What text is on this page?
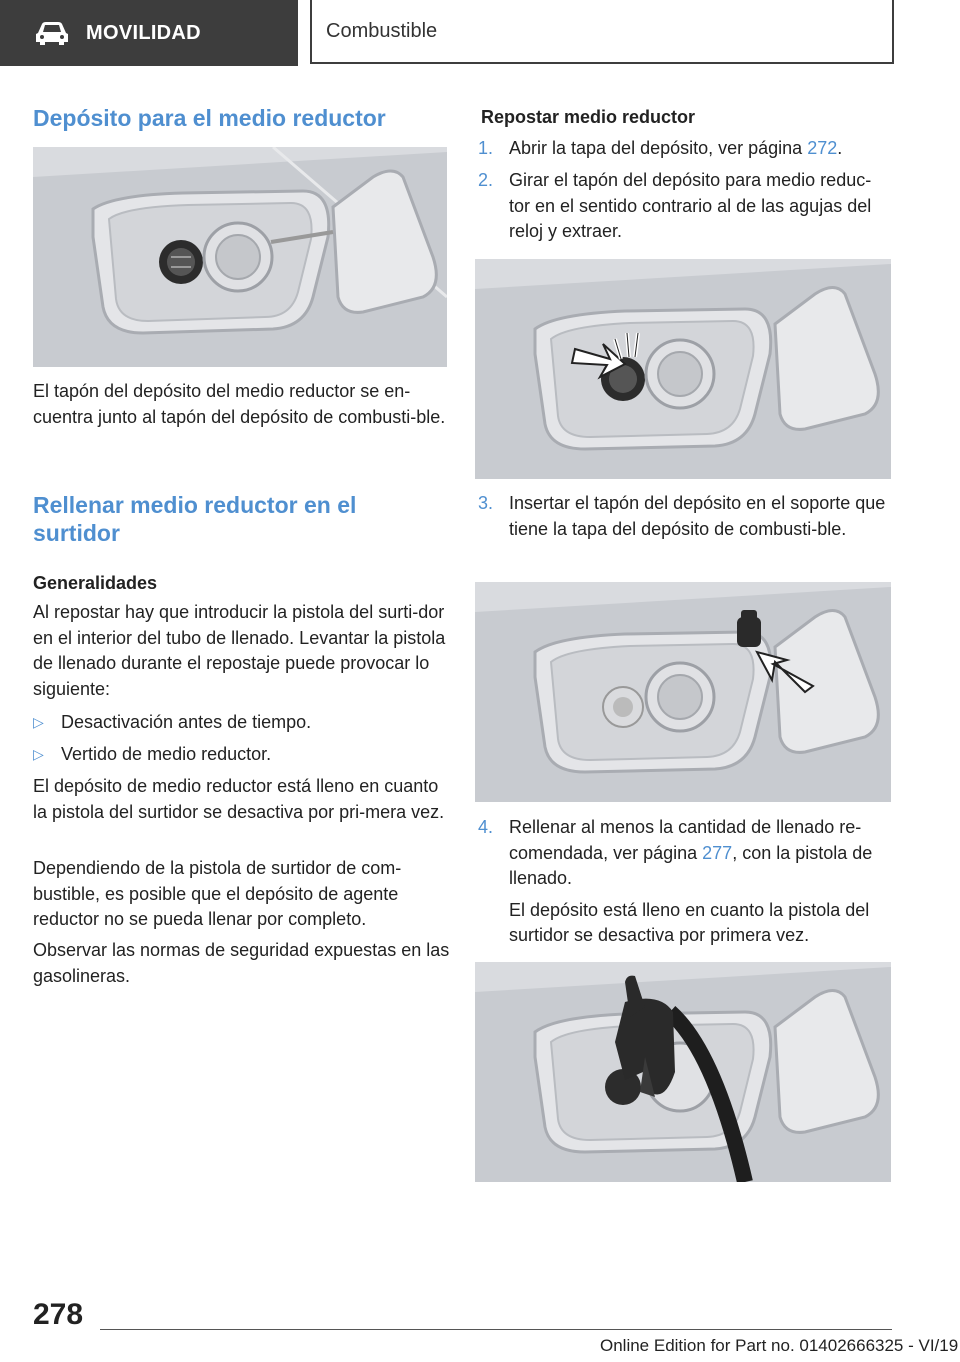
MOVILIDAD	Combustible
Depósito para el medio reductor

El tapón del depósito del medio reductor se en-cuentra junto al tapón del depósito de combusti-ble.

Rellenar medio reductor en el surtidor
Generalidades

Al repostar hay que introducir la pistola del surti-dor en el interior del tubo de llenado. Levantar la pistola de llenado durante el repostaje puede provocar lo siguiente:

▷ Desactivación antes de tiempo.
▷ Vertido de medio reductor.

El depósito de medio reductor está lleno en cuanto la pistola del surtidor se desactiva por pri-mera vez.

Dependiendo de la pistola de surtidor de com-bustible, es posible que el depósito de agente reductor no se pueda llenar por completo.

Observar las normas de seguridad expuestas en las gasolineras.

Repostar medio reductor
1. Abrir la tapa del depósito, ver página 272.
2. Girar el tapón del depósito para medio reduc-tor en el sentido contrario al de las agujas del reloj y extraer.
3. Insertar el tapón del depósito en el soporte que tiene la tapa del depósito de combusti-ble.
4. Rellenar al menos la cantidad de llenado re-comendada, ver página 277, con la pistola de llenado.
El depósito está lleno en cuanto la pistola del surtidor se desactiva por primera vez.
278
Online Edition for Part no. 01402666325 - VI/19
